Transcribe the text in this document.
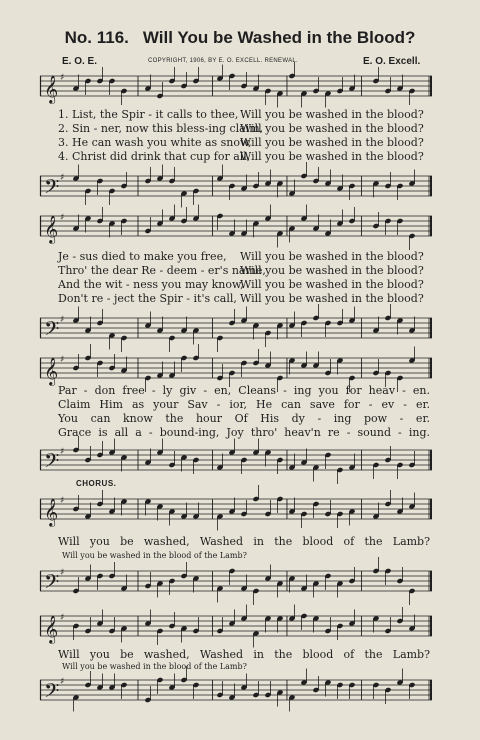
No. 116. Will You be Washed in the Blood?
E. O. E.	COPYRIGHT, 1906, BY E. O. EXCELL. RENEWAL.	E. O. Excell.
𝄞 ♯
1. List, the Spir - it calls to thee, Will you be washed in the blood?
2. Sin - ner, now this bless-ing claim,
Will you be washed in the blood?
3. He can wash you white as snow,
Will you be washed in the blood?
4. Christ did drink that cup for all,
Will you be washed in the blood?
𝄢 ♯
𝄞 ♯
Je - sus died to make you free, Will you be washed in the blood?
Thro' the dear Re - deem - er's name,
Will you be washed in the blood?
And the wit - ness you may know,
Will you be washed in the blood?
Don't re - ject the Spir - it's call, Will you be washed in the blood?
𝄢 ♯
𝄞 ♯
Par - don free - ly giv - en, Cleans - ing you for heav - en.
Claim Him as your Sav - ior, He can save for - ev - er.
You can know the hour Of His dy - ing pow - er.
Grace is all a - bound-ing, Joy thro' heav'n re - sound - ing.
𝄢 ♯
CHORUS.
𝄞 ♯
Will you be washed, Washed in the blood of the Lamb?
Will you be washed in the blood of the Lamb?
𝄢 ♯
𝄞 ♯
Will you be washed, Washed in the blood of the Lamb?
Will you be washed in the blood of the Lamb?
𝄢 ♯
